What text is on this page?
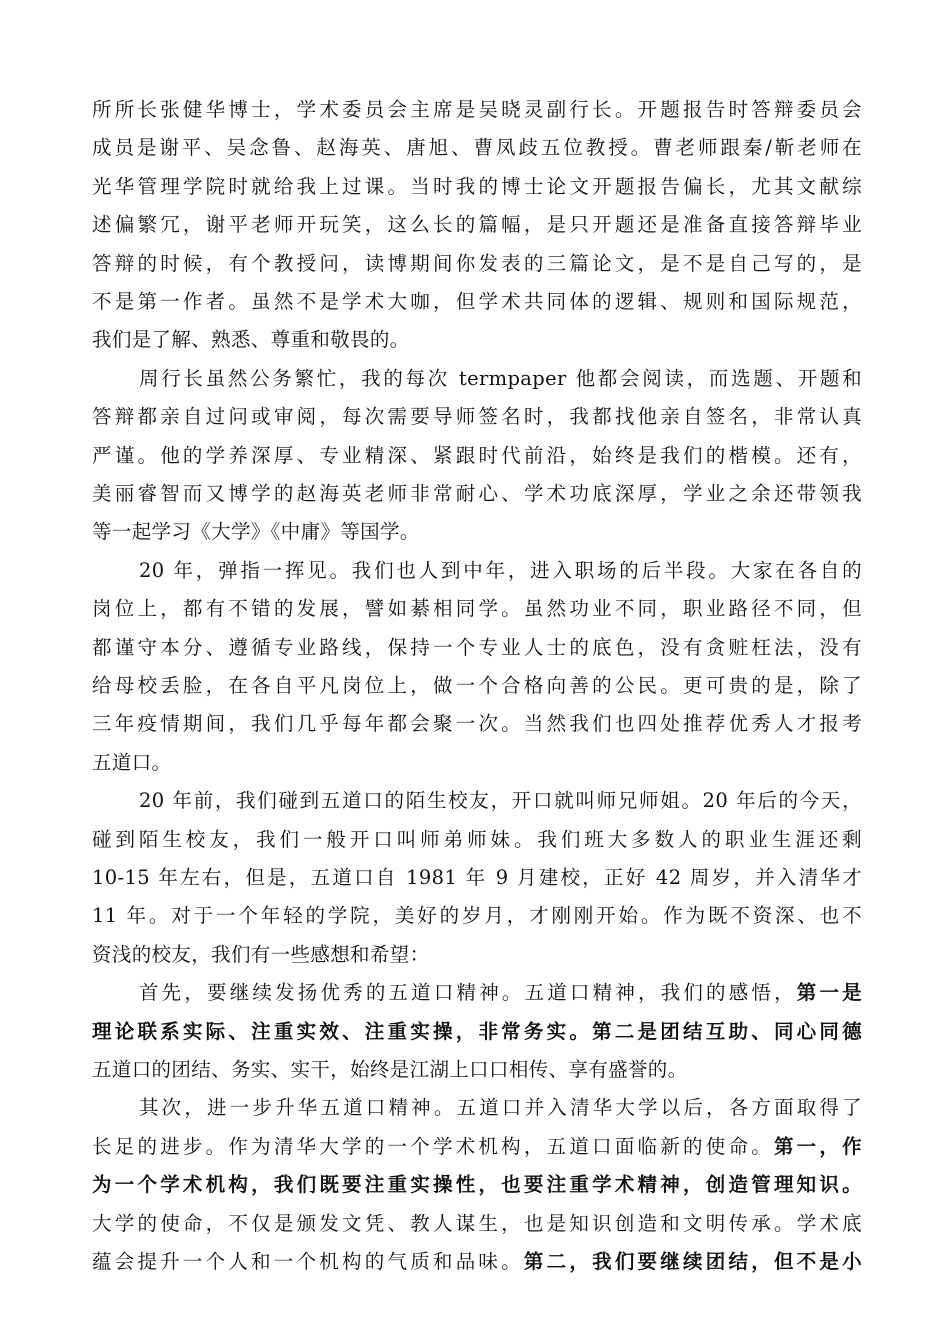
所所长张健华博士，学术委员会主席是吴晓灵副行长。开题报告时答辩委员会
成员是谢平、吴念鲁、赵海英、唐旭、曹凤歧五位教授。曹老师跟秦/靳老师在
光华管理学院时就给我上过课。当时我的博士论文开题报告偏长，尤其文献综
述偏繁冗，谢平老师开玩笑，这么长的篇幅，是只开题还是准备直接答辩毕业
答辩的时候，有个教授问，读博期间你发表的三篇论文，是不是自己写的，是
不是第一作者。虽然不是学术大咖，但学术共同体的逻辑、规则和国际规范，
我们是了解、熟悉、尊重和敬畏的。
周行长虽然公务繁忙，我的每次 termpaper 他都会阅读，而选题、开题和
答辩都亲自过问或审阅，每次需要导师签名时，我都找他亲自签名，非常认真
严谨。他的学养深厚、专业精深、紧跟时代前沿，始终是我们的楷模。还有，
美丽睿智而又博学的赵海英老师非常耐心、学术功底深厚，学业之余还带领我
等一起学习《大学》《中庸》等国学。
20 年，弹指一挥见。我们也人到中年，进入职场的后半段。大家在各自的
岗位上，都有不错的发展，譬如綦相同学。虽然功业不同，职业路径不同，但
都谨守本分、遵循专业路线，保持一个专业人士的底色，没有贪赃枉法，没有
给母校丢脸，在各自平凡岗位上，做一个合格向善的公民。更可贵的是，除了
三年疫情期间，我们几乎每年都会聚一次。当然我们也四处推荐优秀人才报考
五道口。
20 年前，我们碰到五道口的陌生校友，开口就叫师兄师姐。20 年后的今天，
碰到陌生校友，我们一般开口叫师弟师妹。我们班大多数人的职业生涯还剩
10-15 年左右，但是，五道口自 1981 年 9 月建校，正好 42 周岁，并入清华才
11 年。对于一个年轻的学院，美好的岁月，才刚刚开始。作为既不资深、也不
资浅的校友，我们有一些感想和希望：
首先，要继续发扬优秀的五道口精神。五道口精神，我们的感悟，第一是
理论联系实际、注重实效、注重实操，非常务实。第二是团结互助、同心同德
五道口的团结、务实、实干，始终是江湖上口口相传、享有盛誉的。
其次，进一步升华五道口精神。五道口并入清华大学以后，各方面取得了
长足的进步。作为清华大学的一个学术机构，五道口面临新的使命。第一，作
为一个学术机构，我们既要注重实操性，也要注重学术精神，创造管理知识。
大学的使命，不仅是颁发文凭、教人谋生，也是知识创造和文明传承。学术底
蕴会提升一个人和一个机构的气质和品味。第二，我们要继续团结，但不是小
